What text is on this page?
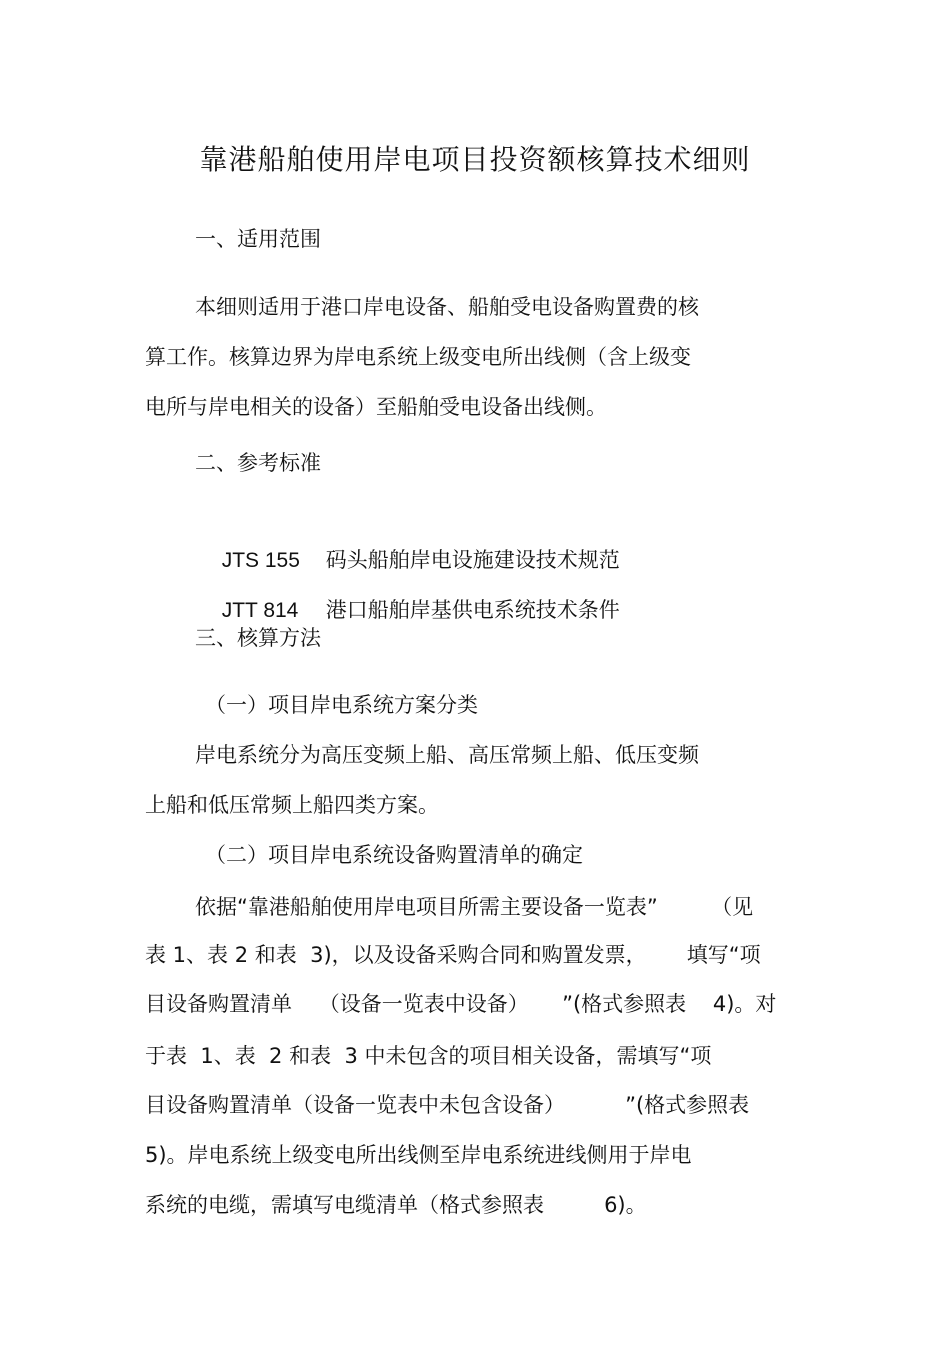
靠港船舶使用岸电项目投资额核算技术细则
一、适用范围
本细则适用于港口岸电设备、船舶受电设备购置费的核
算工作。核算边界为岸电系统上级变电所出线侧（含上级变
电所与岸电相关的设备）至船舶受电设备出线侧。
二、参考标准

JTS 155 码头船舶岸电设施建设技术规范

JTT 814 港口船舶岸基供电系统技术条件

三、核算方法
（一）项目岸电系统方案分类
岸电系统分为高压变频上船、高压常频上船、低压变频
上船和低压常频上船四类方案。
（二）项目岸电系统设备购置清单的确定
依据“靠港船舶使用岸电项目所需主要设备一览表”        （见
表 1、表 2 和表  3)，以及设备采购合同和购置发票，      填写“项
目设备购置清单    （设备一览表中设备）     ”(格式参照表    4)。对
于表  1、表  2 和表  3 中未包含的项目相关设备，需填写“项
目设备购置清单（设备一览表中未包含设备）         ”(格式参照表
5)。岸电系统上级变电所出线侧至岸电系统进线侧用于岸电
系统的电缆，需填写电缆清单（格式参照表         6)。
